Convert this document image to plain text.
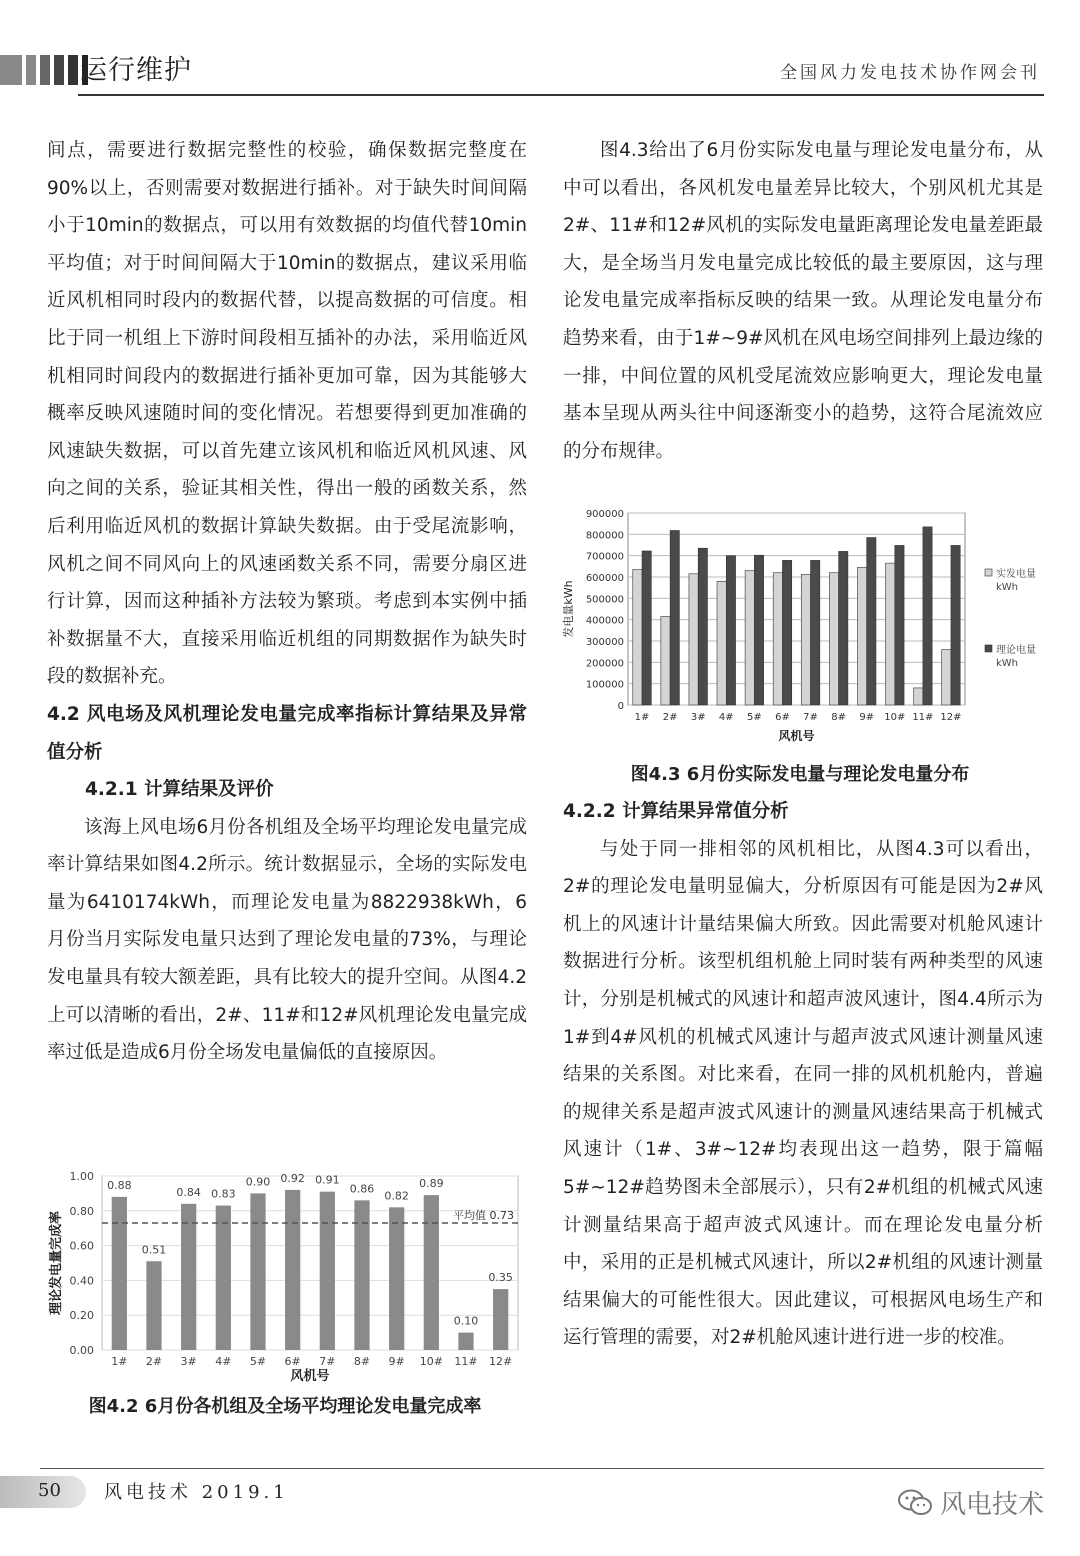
运行维护	全国风力发电技术协作网会刊

间点，需要进行数据完整性的校验，确保数据完整度在90%以上，否则需要对数据进行插补。对于缺失时间间隔小于10min的数据点，可以用有效数据的均值代替10min平均值；对于时间间隔大于10min的数据点，建议采用临近风机相同时段内的数据代替，以提高数据的可信度。相比于同一机组上下游时间段相互插补的办法，采用临近风机相同时间段内的数据进行插补更加可靠，因为其能够大概率反映风速随时间的变化情况。若想要得到更加准确的风速缺失数据，可以首先建立该风机和临近风机风速、风向之间的关系，验证其相关性，得出一般的函数关系，然后利用临近风机的数据计算缺失数据。由于受尾流影响，风机之间不同风向上的风速函数关系不同，需要分扇区进行计算，因而这种插补方法较为繁琐。考虑到本实例中插补数据量不大，直接采用临近机组的同期数据作为缺失时段的数据补充。

4.2 风电场及风机理论发电量完成率指标计算结果及异常值分析

4.2.1 计算结果及评价

该海上风电场6月份各机组及全场平均理论发电量完成率计算结果如图4.2所示。统计数据显示，全场的实际发电量为6410174kWh，而理论发电量为8822938kWh，6月份当月实际发电量只达到了理论发电量的73%，与理论发电量具有较大额差距，具有比较大的提升空间。从图4.2上可以清晰的看出，2#、11#和12#风机理论发电量完成率过低是造成6月份全场发电量偏低的直接原因。

0.00
0.20
0.40
0.60
0.80
1.00
0.88
1#
0.51
2#
0.84
3#
0.83
4#
0.90
5#
0.92
6#
0.91
7#
0.86
8#
0.82
9#
0.89
10#
0.10
11#
0.35
12#
平均值 0.73
风机号
理论发电量完成率
图4.2 6月份各机组及全场平均理论发电量完成率

图4.3给出了6月份实际发电量与理论发电量分布，从中可以看出，各风机发电量差异比较大，个别风机尤其是2#、11#和12#风机的实际发电量距离理论发电量差距最大，是全场当月发电量完成比较低的最主要原因，这与理论发电量完成率指标反映的结果一致。从理论发电量分布趋势来看，由于1#~9#风机在风电场空间排列上最边缘的一排，中间位置的风机受尾流效应影响更大，理论发电量基本呈现从两头往中间逐渐变小的趋势，这符合尾流效应的分布规律。

0
100000
200000
300000
400000
500000
600000
700000
800000
900000
1# 2# 3# 4# 5# 6# 7# 8# 9# 10# 11# 12#
风机号
发电量kWh
实发电量
kWh
理论电量
kWh
图4.3 6月份实际发电量与理论发电量分布

4.2.2 计算结果异常值分析

与处于同一排相邻的风机相比，从图4.3可以看出，2#的理论发电量明显偏大，分析原因有可能是因为2#风机上的风速计计量结果偏大所致。因此需要对机舱风速计数据进行分析。该型机组机舱上同时装有两种类型的风速计，分别是机械式的风速计和超声波风速计，图4.4所示为1#到4#风机的机械式风速计与超声波式风速计测量风速结果的关系图。对比来看，在同一排的风机机舱内，普遍的规律关系是超声波式风速计的测量风速结果高于机械式风速计（1#、3#~12#均表现出这一趋势，限于篇幅5#~12#趋势图未全部展示），只有2#机组的机械式风速计测量结果高于超声波式风速计。而在理论发电量分析中，采用的正是机械式风速计，所以2#机组的风速计测量结果偏大的可能性很大。因此建议，可根据风电场生产和运行管理的需要，对2#机舱风速计进行进一步的校准。

50 风电技术 2019.1	风电技术
